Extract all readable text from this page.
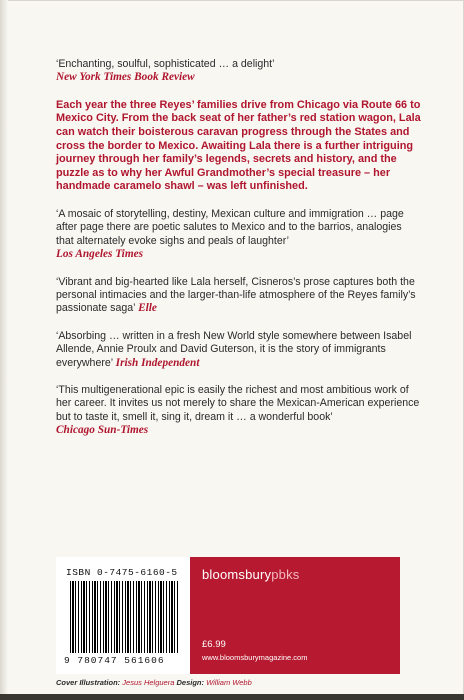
‘Enchanting, soulful, sophisticated … a delight’

New York Times Book Review

Each year the three Reyes’ families drive from Chicago via Route 66 to Mexico City. From the back seat of her father’s red station wagon, Lala can watch their boisterous caravan progress through the States and cross the border to Mexico. Awaiting Lala there is a further intriguing journey through her family’s legends, secrets and history, and the puzzle as to why her Awful Grandmother’s special treasure – her handmade caramelo shawl – was left unfinished.

‘A mosaic of storytelling, destiny, Mexican culture and immigration … page after page there are poetic salutes to Mexico and to the barrios, analogies that alternately evoke sighs and peals of laughter’

Los Angeles Times

‘Vibrant and big-hearted like Lala herself, Cisneros’s prose captures both the personal intimacies and the larger-than-life atmosphere of the Reyes family’s passionate saga’ Elle

‘Absorbing … written in a fresh New World style somewhere between Isabel Allende, Annie Proulx and David Guterson, it is the story of immigrants everywhere’ Irish Independent

‘This multigenerational epic is easily the richest and most ambitious work of her career. It invites us not merely to share the Mexican-American experience but to taste it, smell it, sing it, dream it … a wonderful book’

Chicago Sun-Times

ISBN 0-7475-6160-5
9 780747 561606
bloomsburypbks
£6.99
www.bloomsburymagazine.com
Cover Illustration: Jesus Helguera Design: William Webb
